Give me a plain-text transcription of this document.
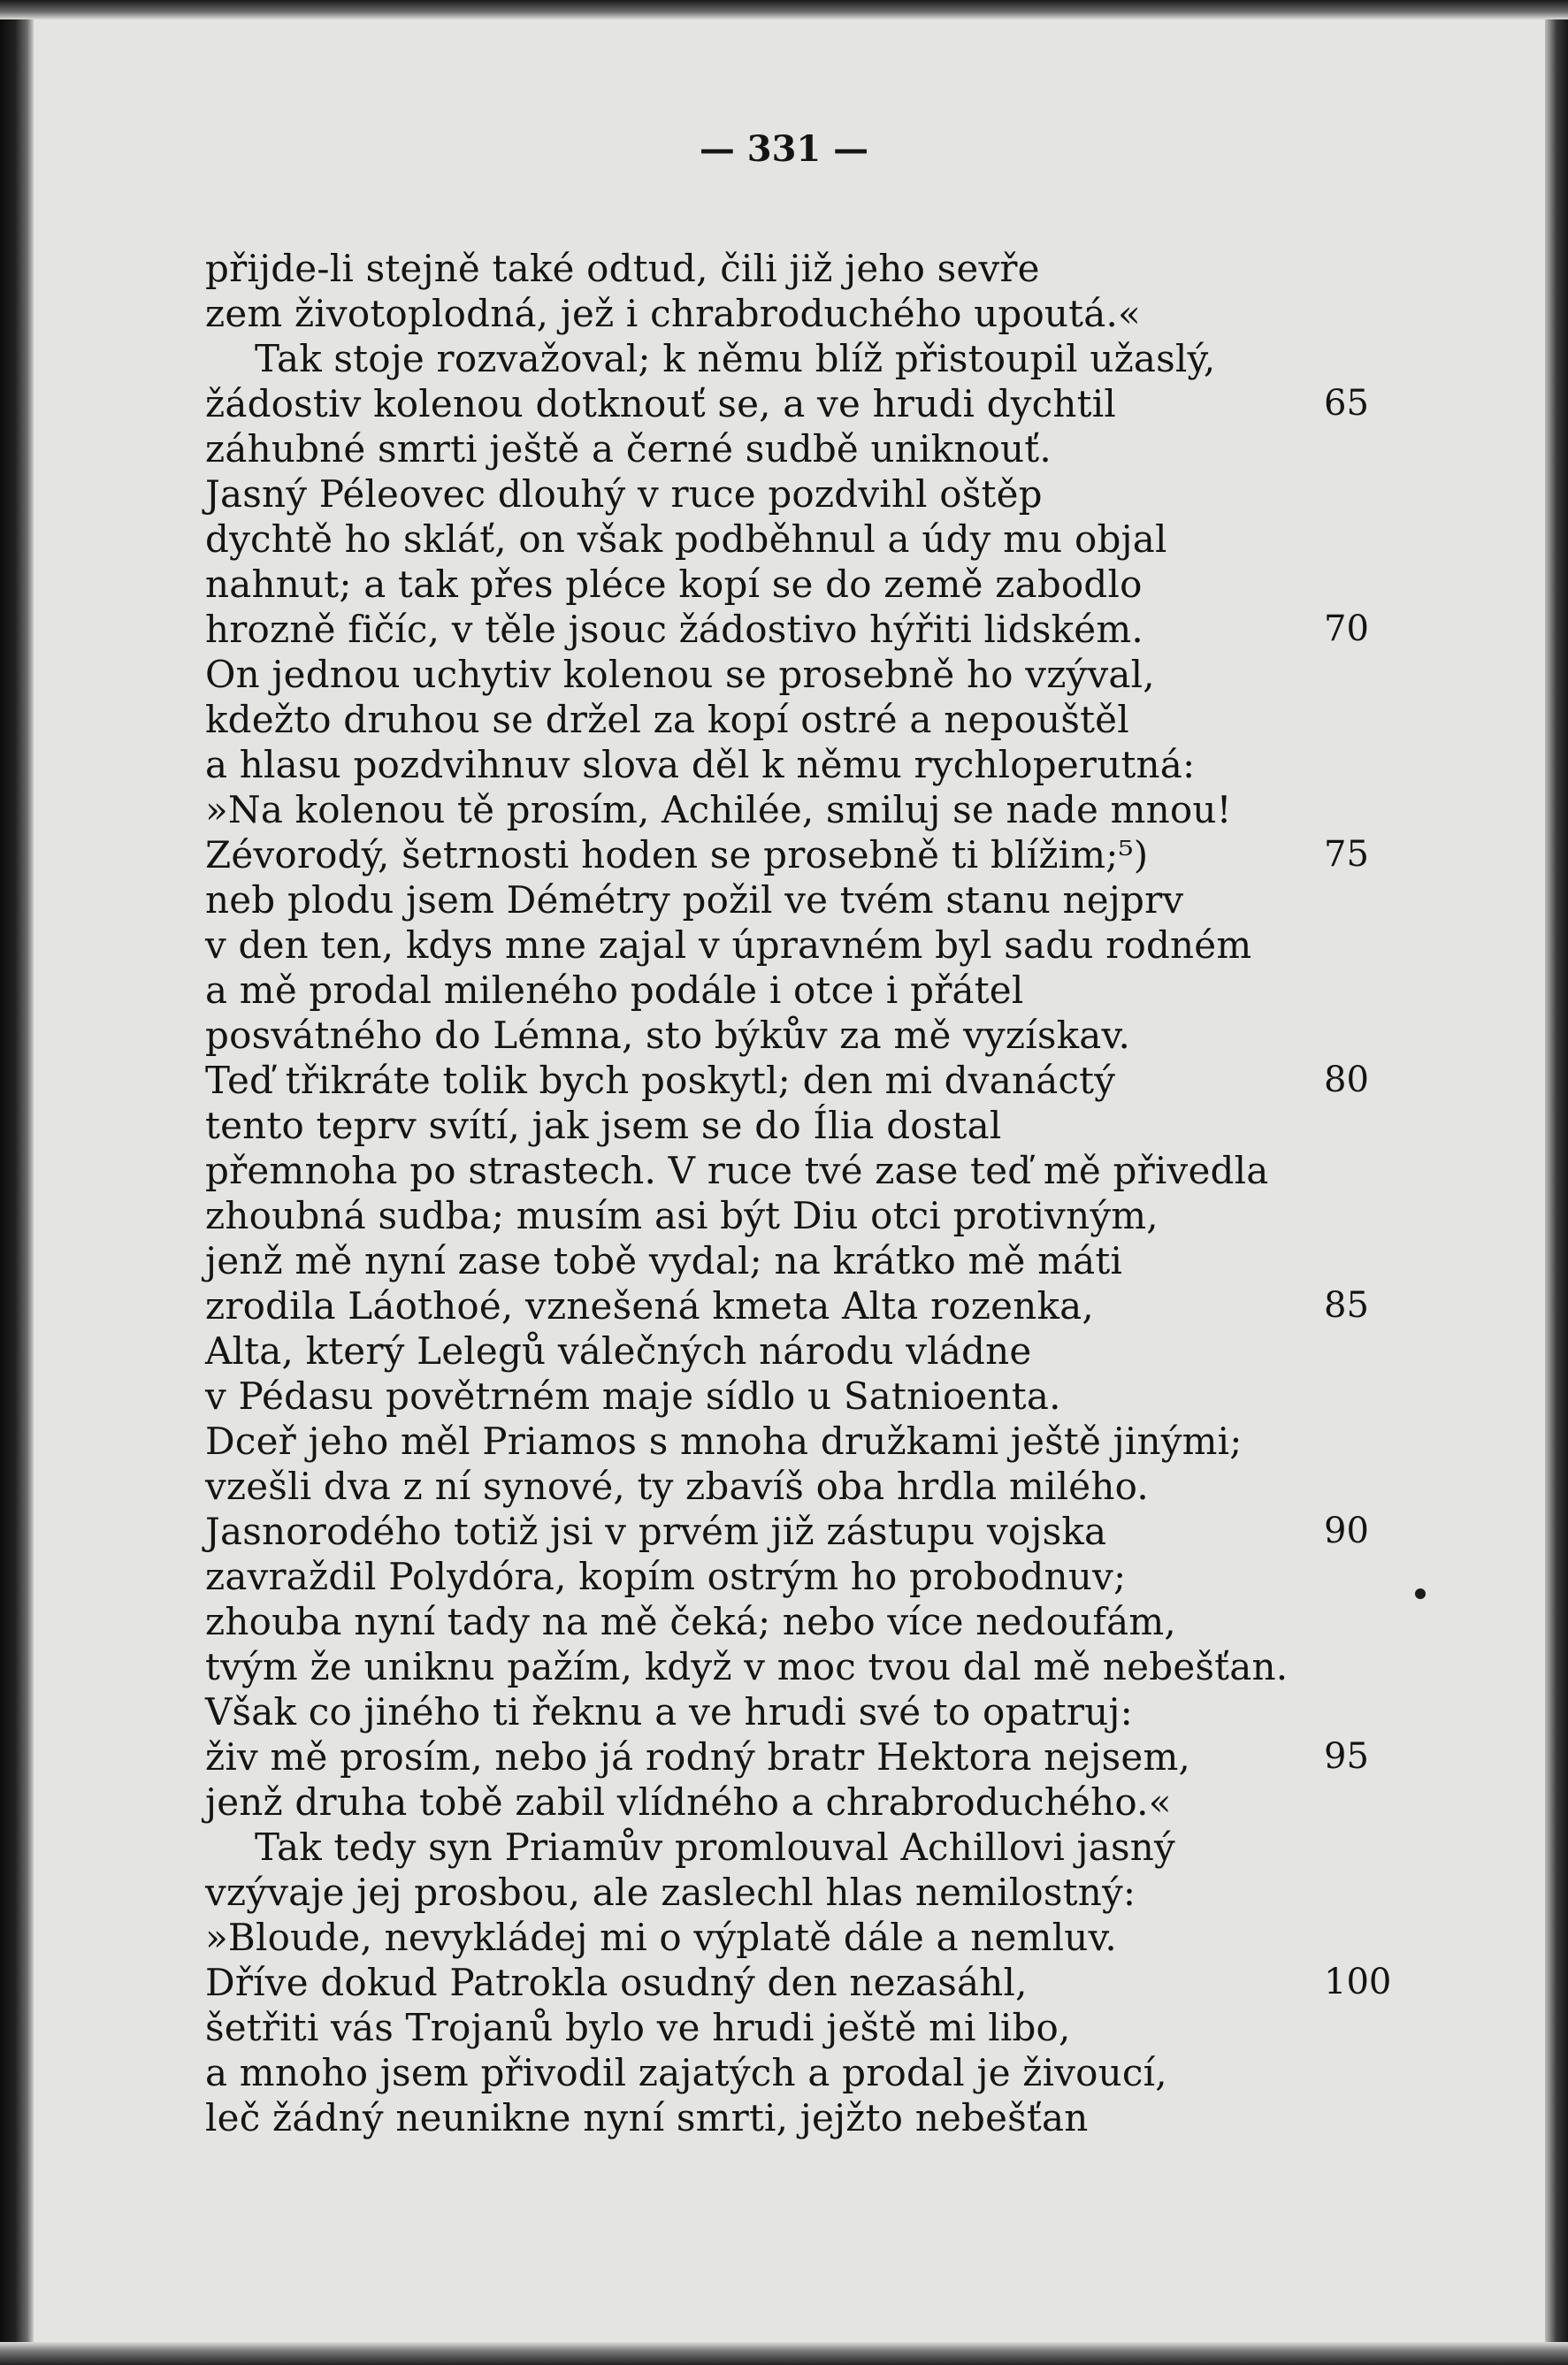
— 331 —
přijde-li stejně také odtud, čili již jeho sevře
zem životoplodná, jež i chrabroduchého upoutá.«
Tak stoje rozvažoval; k němu blíž přistoupil užaslý,
žádostiv kolenou dotknouť se, a ve hrudi dychtil	65
záhubné smrti ještě a černé sudbě uniknouť.
Jasný Péleovec dlouhý v ruce pozdvihl oštěp
dychtě ho skláť, on však podběhnul a údy mu objal
nahnut; a tak přes pléce kopí se do země zabodlo
hrozně fičíc, v těle jsouc žádostivo hýřiti lidském.	70
On jednou uchytiv kolenou se prosebně ho vzýval,
kdežto druhou se držel za kopí ostré a nepouštěl
a hlasu pozdvihnuv slova děl k němu rychloperutná:
»Na kolenou tě prosím, Achilée, smiluj se nade mnou!
Zévorodý, šetrnosti hoden se prosebně ti blížim;⁵)	75
neb plodu jsem Démétry požil ve tvém stanu nejprv
v den ten, kdys mne zajal v úpravném byl sadu rodném
a mě prodal mileného podále i otce i přátel
posvátného do Lémna, sto býkův za mě vyzískav.
Teď třikráte tolik bych poskytl; den mi dvanáctý	80
tento teprv svítí, jak jsem se do Ília dostal
přemnoha po strastech. V ruce tvé zase teď mě přivedla
zhoubná sudba; musím asi být Diu otci protivným,
jenž mě nyní zase tobě vydal; na krátko mě máti
zrodila Láothoé, vznešená kmeta Alta rozenka,	85
Alta, který Lelegů válečných národu vládne
v Pédasu povětrném maje sídlo u Satnioenta.
Dceř jeho měl Priamos s mnoha družkami ještě jinými;
vzešli dva z ní synové, ty zbavíš oba hrdla milého.
Jasnorodého totiž jsi v prvém již zástupu vojska	90
zavraždil Polydóra, kopím ostrým ho probodnuv;
zhouba nyní tady na mě čeká; nebo více nedoufám,
tvým že uniknu pažím, když v moc tvou dal mě nebešťan.
Však co jiného ti řeknu a ve hrudi své to opatruj:
živ mě prosím, nebo já rodný bratr Hektora nejsem,	95
jenž druha tobě zabil vlídného a chrabroduchého.«
Tak tedy syn Priamův promlouval Achillovi jasný
vzývaje jej prosbou, ale zaslechl hlas nemilostný:
»Bloude, nevykládej mi o výplatě dále a nemluv.
Dříve dokud Patrokla osudný den nezasáhl,	100
šetřiti vás Trojanů bylo ve hrudi ještě mi libo,
a mnoho jsem přivodil zajatých a prodal je živoucí,
leč žádný neunikne nyní smrti, jejžto nebešťan
